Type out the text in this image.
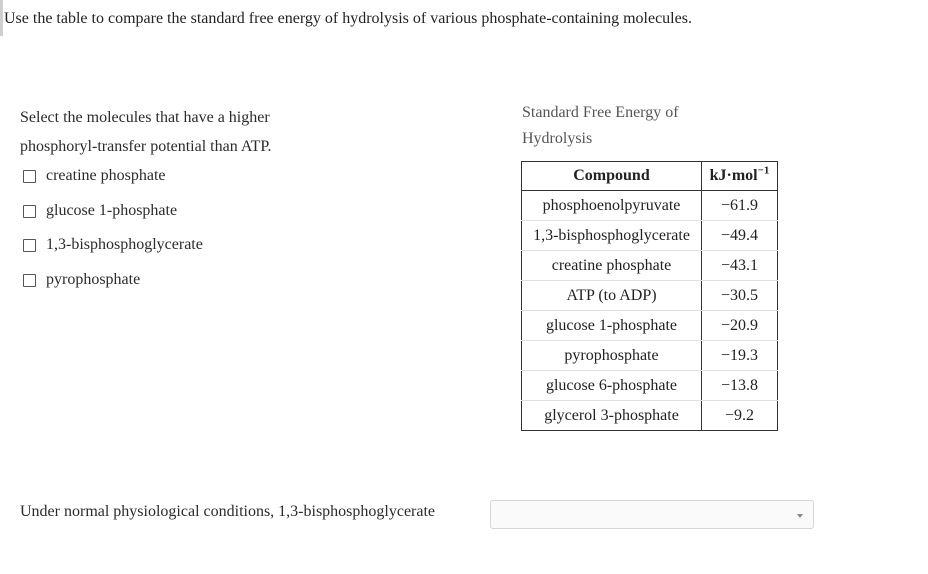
Use the table to compare the standard free energy of hydrolysis of various phosphate-containing molecules.
Select the molecules that have a higher phosphoryl-transfer potential than ATP.
creatine phosphate
glucose 1-phosphate
1,3-bisphosphoglycerate
pyrophosphate
Standard Free Energy of Hydrolysis
Compound	kJ·mol$^{-1}$
phosphoenolpyruvate	−61.9
1,3-bisphosphoglycerate	−49.4
creatine phosphate	−43.1
ATP (to ADP)	−30.5
glucose 1-phosphate	−20.9
pyrophosphate	−19.3
glucose 6-phosphate	−13.8
glycerol 3-phosphate	−9.2
Under normal physiological conditions, 1,3-bisphosphoglycerate
